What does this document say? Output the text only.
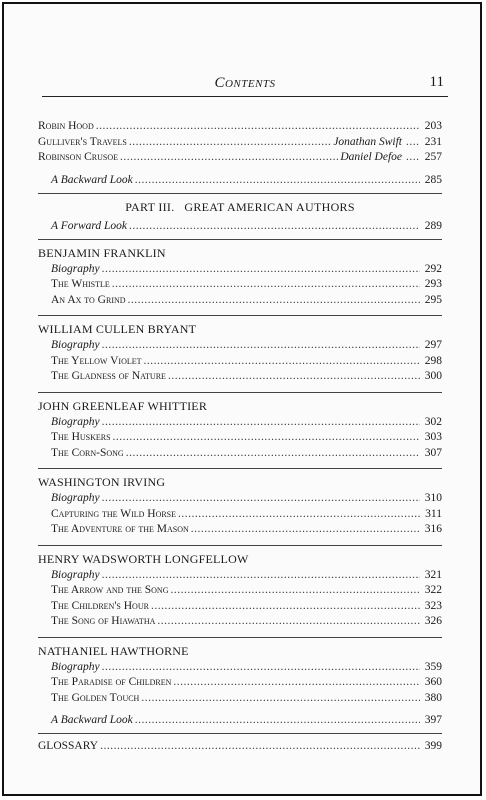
Contents	11
Robin Hood .....	203
Gulliver's Travels .....	Jonathan Swift ..... 231
Robinson Crusoe .....	Daniel Defoe ..... 257
A Backward Look .....	285
PART III.   GREAT AMERICAN AUTHORS
A Forward Look .....	289
BENJAMIN FRANKLIN
Biography .....	292
The Whistle .....	293
An Ax to Grind .....	295
WILLIAM CULLEN BRYANT
Biography .....	297
The Yellow Violet .....	298
The Gladness of Nature .....	300
JOHN GREENLEAF WHITTIER
Biography .....	302
The Huskers .....	303
The Corn-Song .....	307
WASHINGTON IRVING
Biography .....	310
Capturing the Wild Horse .....	311
The Adventure of the Mason .....	316
HENRY WADSWORTH LONGFELLOW
Biography .....	321
The Arrow and the Song .....	322
The Children's Hour .....	323
The Song of Hiawatha .....	326
NATHANIEL HAWTHORNE
Biography .....	359
The Paradise of Children .....	360
The Golden Touch .....	380
A Backward Look .....	397
GLOSSARY .....	399
